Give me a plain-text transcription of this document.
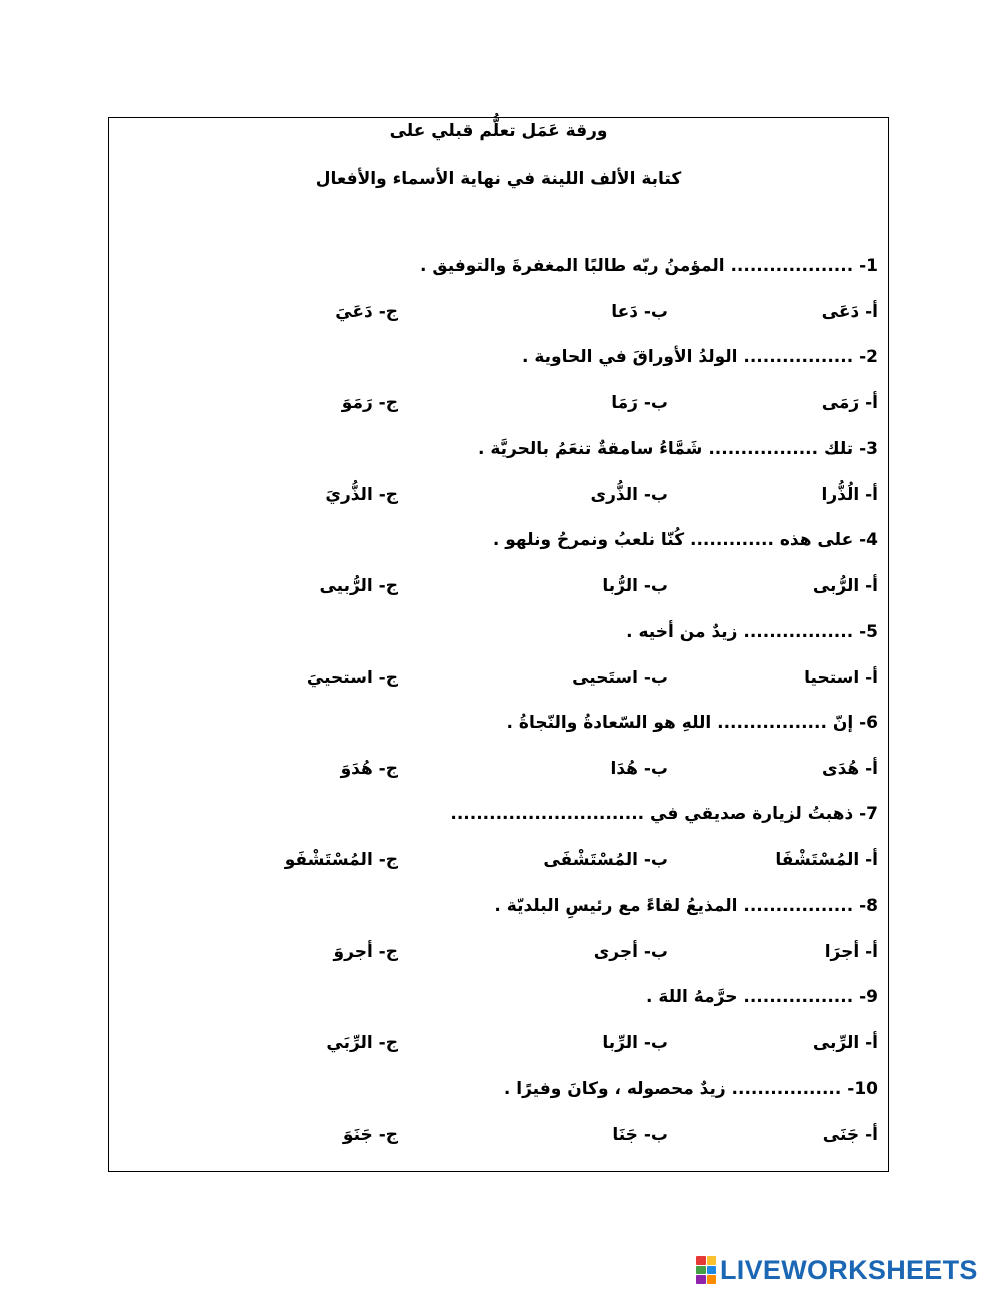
ورقة عَمَل تعلُّم قبلي على
كتابة الألف اللينة في نهاية الأسماء والأفعال
1- ................... المؤمنُ ربّه طالبًا المغفرةَ والتوفيق .
أ- دَعَى
ب- دَعا
ج- دَعَيَ
2- ................. الولدُ الأوراقَ في الحاوية .
أ- رَمَى
ب- رَمَا
ج- رَمَوَ
3- تلك ................. شَمَّاءُ سامقةٌ تنعَمُ بالحريَّة .
أ- الُذُّرا
ب- الذُّرى
ج- الذُّريَ
4- على هذه ............. كُنّا نلعبُ ونمرحُ ونلهو .
أ- الرُّبى
ب- الرُّبا
ج- الرُّبيى
5- ................. زيدٌ من أخيه .
أ- استحيا
ب- استَحيى
ج- استحييَ
6- إنّ ................. اللهِ هو السّعادةُ والنّجاةُ .
أ- هُدَى
ب- هُدَا
ج- هُدَوَ
7- ذهبتُ لزيارة صديقي في ..............................
أ- المُسْتَشْفَا
ب- المُسْتَشْفَى
ج- المُسْتَشْفَو
8- ................. المذيعُ لقاءً مع رئيسِ البلديّة .
أ- أجرَا
ب- أجرى
ج- أجروَ
9- ................. حرَّمهُ اللهَ .
أ- الرِّبى
ب- الرِّبا
ج- الرِّبَي
10- ................. زيدٌ محصوله ، وكانَ وفيرًا .
أ- جَنَى
ب- جَنَا
ج- جَنَوَ
LIVEWORKSHEETS
